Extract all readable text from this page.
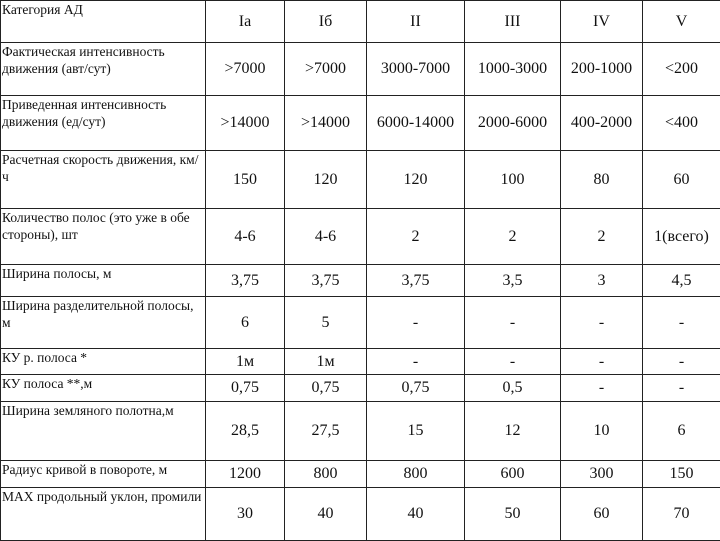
Категория АД	Ia	Iб	II	III	IV	V
Фактическая интенсивность движения (авт/сут)	>7000	>7000	3000-7000	1000-3000	200-1000	<200
Приведенная интенсивность движения (ед/сут)	>14000	>14000	6000-14000	2000-6000	400-2000	<400
Расчетная скорость движения, км/ч	150	120	120	100	80	60
Количество полос (это уже в обе стороны), шт	4-6	4-6	2	2	2	1(всего)
Ширина полосы, м	3,75	3,75	3,75	3,5	3	4,5
Ширина разделительной полосы, м	6	5	-	-	-	-
КУ р. полоса *	1м	1м	-	-	-	-
КУ полоса **,м	0,75	0,75	0,75	0,5	-	-
Ширина земляного полотна,м	28,5	27,5	15	12	10	6
Радиус кривой в повороте, м	1200	800	800	600	300	150
MAX продольный уклон, промили	30	40	40	50	60	70
